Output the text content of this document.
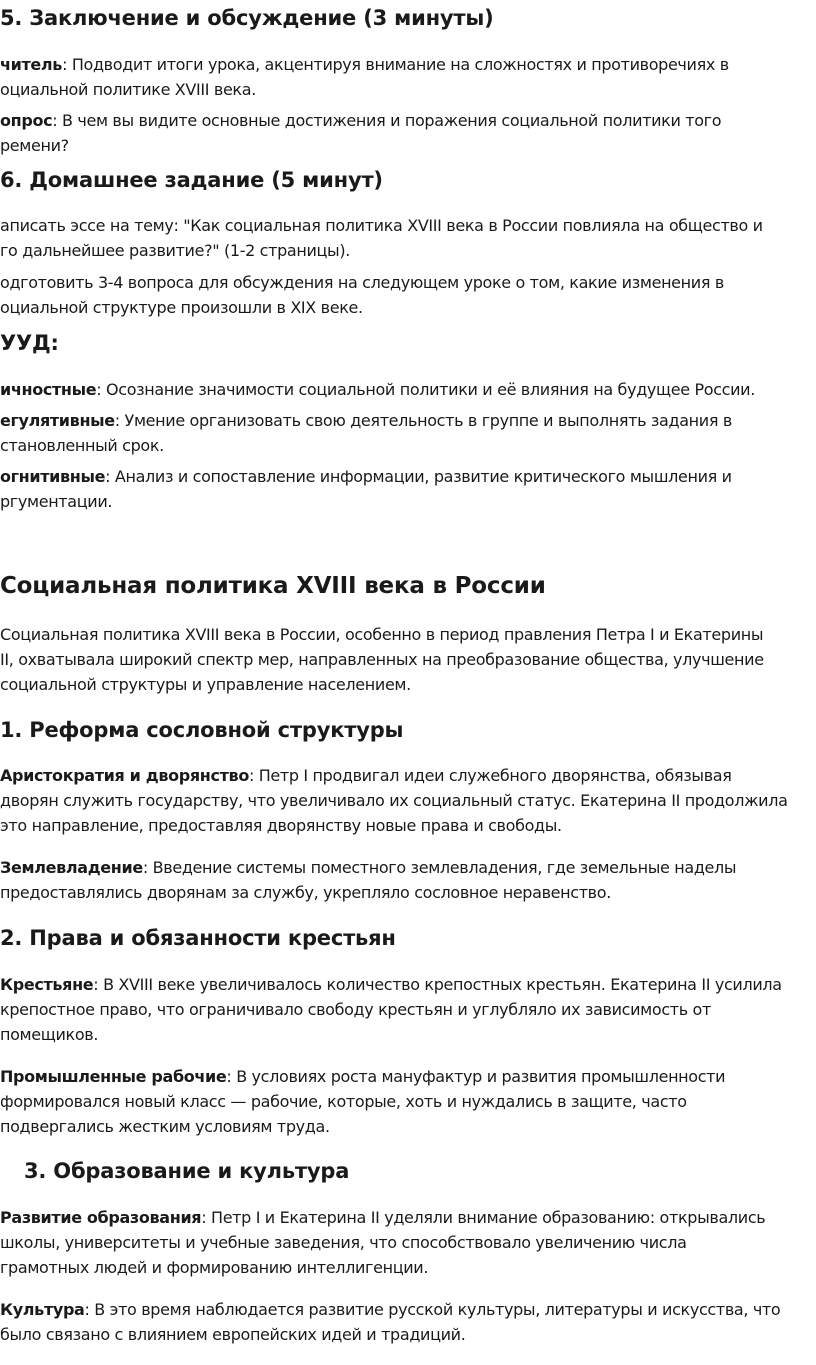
5. Заключение и обсуждение (3 минуты)

читель: Подводит итоги урока, акцентируя внимание на сложностях и противоречиях в

оциальной политике XVIII века.

опрос: В чем вы видите основные достижения и поражения социальной политики того

ремени?

6. Домашнее задание (5 минут)

аписать эссе на тему: "Как социальная политика XVIII века в России повлияла на общество и

го дальнейшее развитие?" (1-2 страницы).

одготовить 3-4 вопроса для обсуждения на следующем уроке о том, какие изменения в

оциальной структуре произошли в XIX веке.

УУД:

ичностные: Осознание значимости социальной политики и её влияния на будущее России.

егулятивные: Умение организовать свою деятельность в группе и выполнять задания в

становленный срок.

огнитивные: Анализ и сопоставление информации, развитие критического мышления и

ргументации.

Социальная политика XVIII века в России

Социальная политика XVIII века в России, особенно в период правления Петра I и Екатерины

II, охватывала широкий спектр мер, направленных на преобразование общества, улучшение

социальной структуры и управление населением.

1. Реформа сословной структуры

Аристократия и дворянство: Петр I продвигал идеи служебного дворянства, обязывая

дворян служить государству, что увеличивало их социальный статус. Екатерина II продолжила

это направление, предоставляя дворянству новые права и свободы.

Землевладение: Введение системы поместного землевладения, где земельные наделы

предоставлялись дворянам за службу, укрепляло сословное неравенство.

2. Права и обязанности крестьян

Крестьяне: В XVIII веке увеличивалось количество крепостных крестьян. Екатерина II усилила

крепостное право, что ограничивало свободу крестьян и углубляло их зависимость от

помещиков.

Промышленные рабочие: В условиях роста мануфактур и развития промышленности

формировался новый класс — рабочие, которые, хоть и нуждались в защите, часто

подвергались жестким условиям труда.

3. Образование и культура

Развитие образования: Петр I и Екатерина II уделяли внимание образованию: открывались

школы, университеты и учебные заведения, что способствовало увеличению числа

грамотных людей и формированию интеллигенции.

Культура: В это время наблюдается развитие русской культуры, литературы и искусства, что

было связано с влиянием европейских идей и традиций.
